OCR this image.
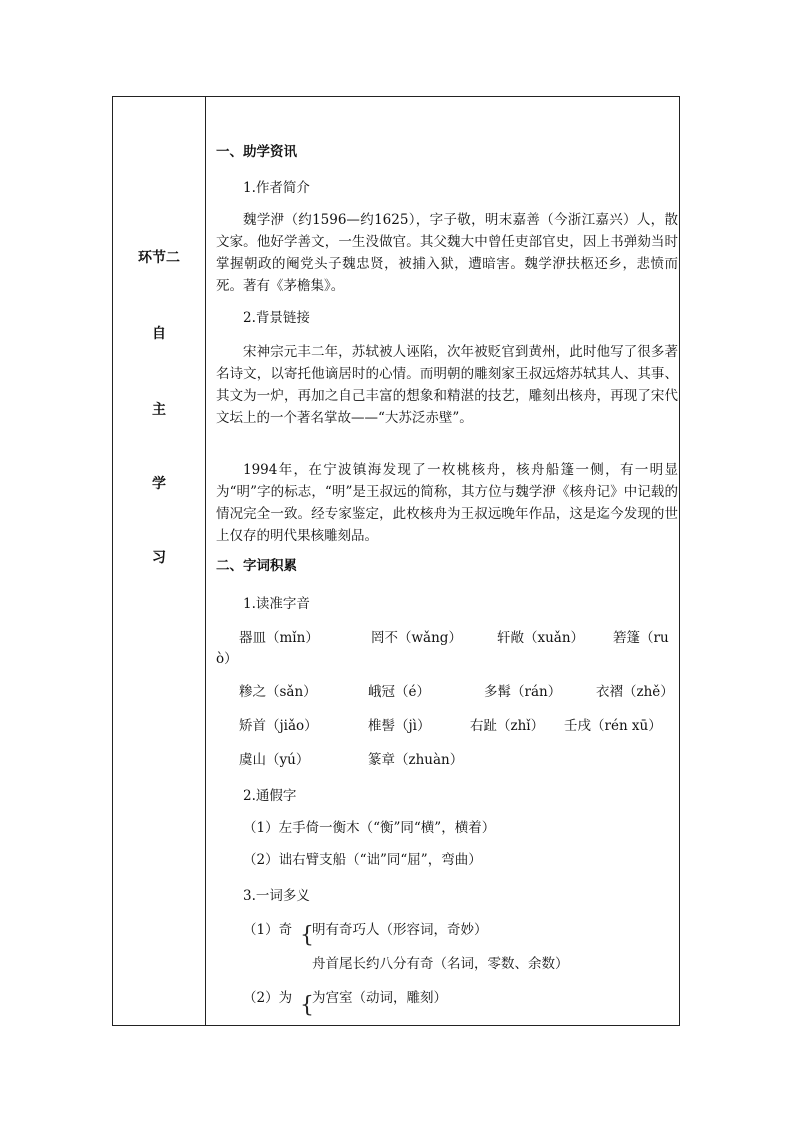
环节二
自
主
学
习
一、助学资讯
1.作者简介

魏学洢（约1596—约1625），字子敬，明末嘉善（今浙江嘉兴）人，散文家。他好学善文，一生没做官。其父魏大中曾任吏部官史，因上书弹劾当时掌握朝政的阉党头子魏忠贤，被捕入狱，遭暗害。魏学洢扶柩还乡，悲愤而死。著有《茅檐集》。

2.背景链接

宋神宗元丰二年，苏轼被人诬陷，次年被贬官到黄州，此时他写了很多著名诗文，以寄托他谪居时的心情。而明朝的雕刻家王叔远熔苏轼其人、其事、其文为一炉，再加之自己丰富的想象和精湛的技艺，雕刻出核舟，再现了宋代文坛上的一个著名掌故——“大苏泛赤壁”。

1994年，在宁波镇海发现了一枚桃核舟，核舟船篷一侧，有一明显为“明”字的标志，“明”是王叔远的简称，其方位与魏学洢《核舟记》中记载的情况完全一致。经专家鉴定，此枚核舟为王叔远晚年作品，这是迄今发现的世上仅存的明代果核雕刻品。

二、字词积累
1.读准字音
器皿（mǐn）	罔不（wǎng）	轩敞（xuǎn） 箬篷（ru
ò）
糁之（sǎn）	峨冠（é）	多髯（rán）	衣褶（zhě）
矫首（jiǎo）	椎髻（jì）	右趾（zhǐ） 壬戌（rén xū）
虞山（yú）	篆章（zhuàn）
2.通假字
（1）左手倚一衡木（“衡”同“横”，横着）
（2）诎右臂支船（“诎”同“屈”，弯曲）
3.一词多义
（1）奇 {
明有奇巧人（形容词，奇妙）
舟首尾长约八分有奇（名词，零数、余数）
（2）为 {
为宫室（动词，雕刻）
